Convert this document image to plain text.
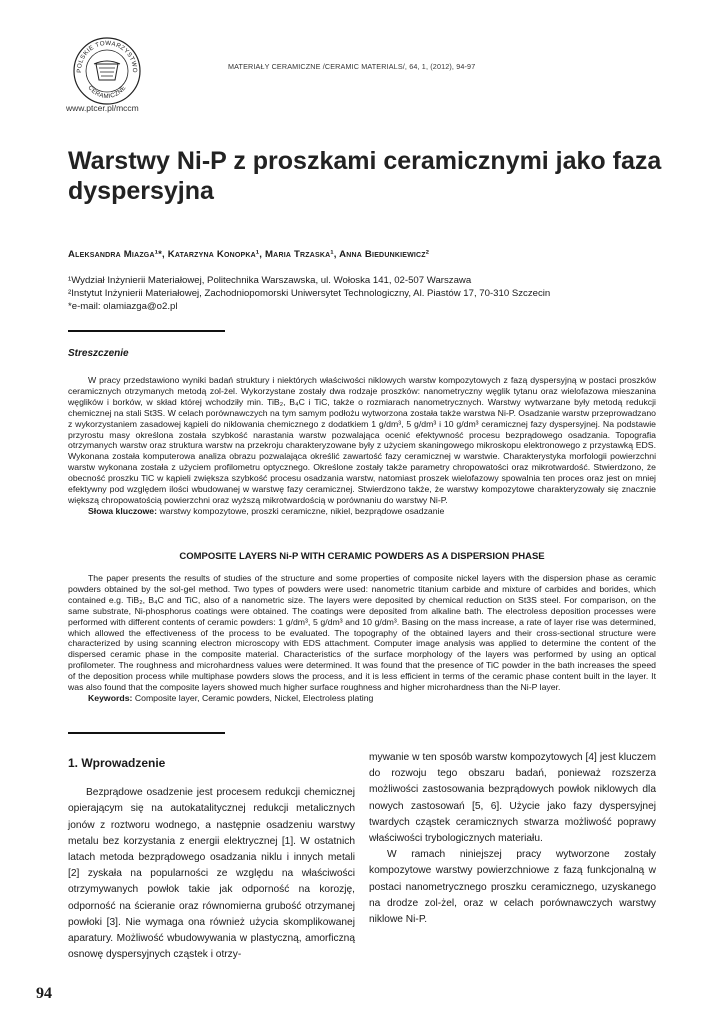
POLSKIE TOWARZYSTWO
CERAMICZNE
www.ptcer.pl/mccm
MATERIAŁY CERAMICZNE /CERAMIC MATERIALS/, 64, 1, (2012), 94-97
Warstwy Ni-P z proszkami ceramicznymi jako faza dyspersyjna
Aleksandra Miazga¹*, Katarzyna Konopka¹, Maria Trzaska¹, Anna Biedunkiewicz²
¹Wydział Inżynierii Materiałowej, Politechnika Warszawska, ul. Wołoska 141, 02-507 Warszawa
²Instytut Inżynierii Materiałowej, Zachodniopomorski Uniwersytet Technologiczny, Al. Piastów 17, 70-310 Szczecin
*e-mail: olamiazga@o2.pl
Streszczenie

W pracy przedstawiono wyniki badań struktury i niektórych właściwości niklowych warstw kompozytowych z fazą dyspersyjną w postaci proszków ceramicznych otrzymanych metodą zol-żel. Wykorzystane zostały dwa rodzaje proszków: nanometryczny węglik tytanu oraz wielofazowa mieszanina węglików i borków, w skład której wchodziły min. TiB₂, B₄C i TiC, także o rozmiarach nanometrycznych. Warstwy wytwarzane były metodą redukcji chemicznej na stali St3S. W celach porównawczych na tym samym podłożu wytworzona została także warstwa Ni-P. Osadzanie warstw przeprowadzano z wykorzystaniem zasadowej kąpieli do niklowania chemicznego z dodatkiem 1 g/dm³, 5 g/dm³ i 10 g/dm³ ceramicznej fazy dyspersyjnej. Na podstawie przyrostu masy określona została szybkość narastania warstw pozwalająca ocenić efektywność procesu bezprądowego osadzania. Topografia otrzymanych warstw oraz struktura warstw na przekroju charakteryzowane były z użyciem skaningowego mikroskopu elektronowego z przystawką EDS. Wykonana została komputerowa analiza obrazu pozwalająca określić zawartość fazy ceramicznej w warstwie. Charakterystyka morfologii powierzchni warstw wykonana została z użyciem profilometru optycznego. Określone zostały także parametry chropowatości oraz mikrotwardość. Stwierdzono, że obecność proszku TiC w kąpieli zwiększa szybkość procesu osadzania warstw, natomiast proszek wielofazowy spowalnia ten proces oraz jest on mniej efektywny pod względem ilości wbudowanej w warstwę fazy ceramicznej. Stwierdzono także, że warstwy kompozytowe charakteryzowały się znacznie większą chropowatością powierzchni oraz wyższą mikrotwardością w porównaniu do warstwy Ni-P.

Słowa kluczowe: warstwy kompozytowe, proszki ceramiczne, nikiel, bezprądowe osadzanie
COMPOSITE LAYERS Ni-P WITH CERAMIC POWDERS AS A DISPERSION PHASE

The paper presents the results of studies of the structure and some properties of composite nickel layers with the dispersion phase as ceramic powders obtained by the sol-gel method. Two types of powders were used: nanometric titanium carbide and mixture of carbides and borides, which contained e.g. TiB₂, B₄C and TiC, also of a nanometric size. The layers were deposited by chemical reduction on St3S steel. For comparison, on the same substrate, Ni-phosphorus coatings were obtained. The coatings were deposited from alkaline bath. The electroless deposition processes were performed with different contents of ceramic powders: 1 g/dm³, 5 g/dm³ and 10 g/dm³. Basing on the mass increase, a rate of layer rise was determined, which allowed the effectiveness of the process to be evaluated. The topography of the obtained layers and their cross-sectional structure were characterized by using scanning electron microscopy with EDS attachment. Computer image analysis was applied to determine the content of the dispersed ceramic phase in the composite material. Characteristics of the surface morphology of the layers was performed by using an optical profilometer. The roughness and microhardness values were determined. It was found that the presence of TiC powder in the bath increases the speed of the deposition process while multiphase powders slows the process, and it is less efficient in terms of the ceramic phase content built in the layer. It was also found that the composite layers showed much higher surface roughness and higher microhardness than the Ni-P layer.

Keywords: Composite layer, Ceramic powders, Nickel, Electroless plating
1. Wprowadzenie

Bezprądowe osadzenie jest procesem redukcji chemicznej opierającym się na autokatalitycznej redukcji metalicznych jonów z roztworu wodnego, a następnie osadzeniu warstwy metalu bez korzystania z energii elektrycznej [1]. W ostatnich latach metoda bezprądowego osadzania niklu i innych metali [2] zyskała na popularności ze względu na właściwości otrzymywanych powłok takie jak odporność na korozję, odporność na ścieranie oraz równomierna grubość otrzymanej powłoki [3]. Nie wymaga ona również użycia skomplikowanej aparatury. Możliwość wbudowywania w plastyczną, amorficzną osnowę dyspersyjnych cząstek i otrzy-

mywanie w ten sposób warstw kompozytowych [4] jest kluczem do rozwoju tego obszaru badań, ponieważ rozszerza możliwości zastosowania bezprądowych powłok niklowych dla nowych zastosowań [5, 6]. Użycie jako fazy dyspersyjnej twardych cząstek ceramicznych stwarza możliwość poprawy właściwości trybologicznych materiału.

W ramach niniejszej pracy wytworzone zostały kompozytowe warstwy powierzchniowe z fazą funkcjonalną w postaci nanometrycznego proszku ceramicznego, uzyskanego na drodze zol-żel, oraz w celach porównawczych warstwy niklowe Ni-P.

94
